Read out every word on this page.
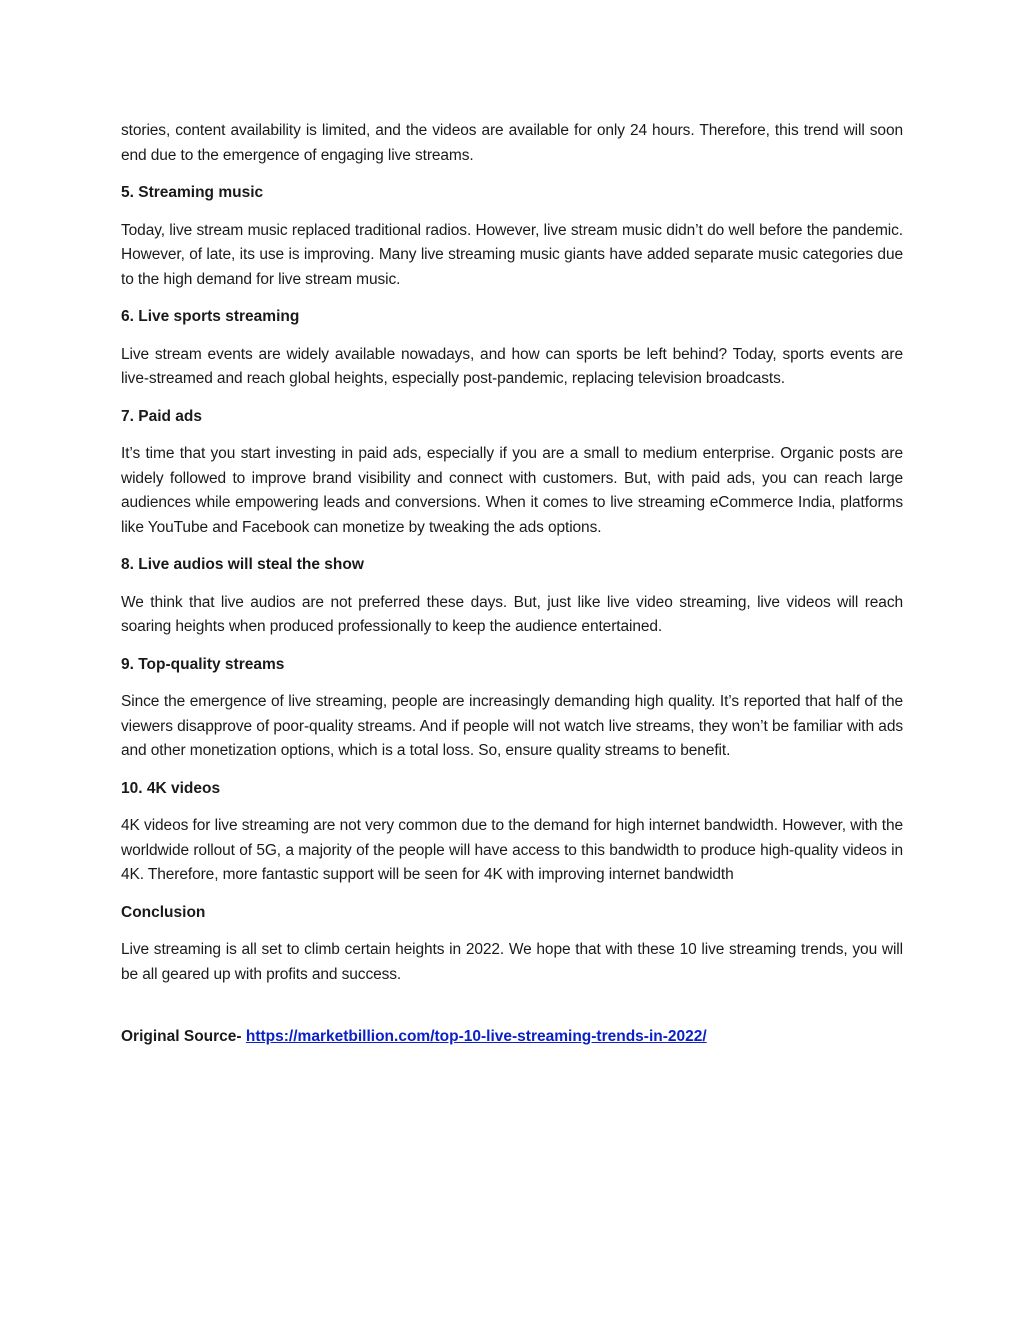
stories, content availability is limited, and the videos are available for only 24 hours. Therefore, this trend will soon end due to the emergence of engaging live streams.

5. Streaming music

Today, live stream music replaced traditional radios. However, live stream music didn’t do well before the pandemic. However, of late, its use is improving. Many live streaming music giants have added separate music categories due to the high demand for live stream music.

6. Live sports streaming

Live stream events are widely available nowadays, and how can sports be left behind? Today, sports events are live-streamed and reach global heights, especially post-pandemic, replacing television broadcasts.

7. Paid ads

It’s time that you start investing in paid ads, especially if you are a small to medium enterprise. Organic posts are widely followed to improve brand visibility and connect with customers. But, with paid ads, you can reach large audiences while empowering leads and conversions. When it comes to live streaming eCommerce India, platforms like YouTube and Facebook can monetize by tweaking the ads options.

8. Live audios will steal the show

We think that live audios are not preferred these days. But, just like live video streaming, live videos will reach soaring heights when produced professionally to keep the audience entertained.

9. Top-quality streams

Since the emergence of live streaming, people are increasingly demanding high quality. It’s reported that half of the viewers disapprove of poor-quality streams. And if people will not watch live streams, they won’t be familiar with ads and other monetization options, which is a total loss. So, ensure quality streams to benefit.

10. 4K videos

4K videos for live streaming are not very common due to the demand for high internet bandwidth. However, with the worldwide rollout of 5G, a majority of the people will have access to this bandwidth to produce high-quality videos in 4K. Therefore, more fantastic support will be seen for 4K with improving internet bandwidth

Conclusion

Live streaming is all set to climb certain heights in 2022. We hope that with these 10 live streaming trends, you will be all geared up with profits and success.

Original Source- https://marketbillion.com/top-10-live-streaming-trends-in-2022/
